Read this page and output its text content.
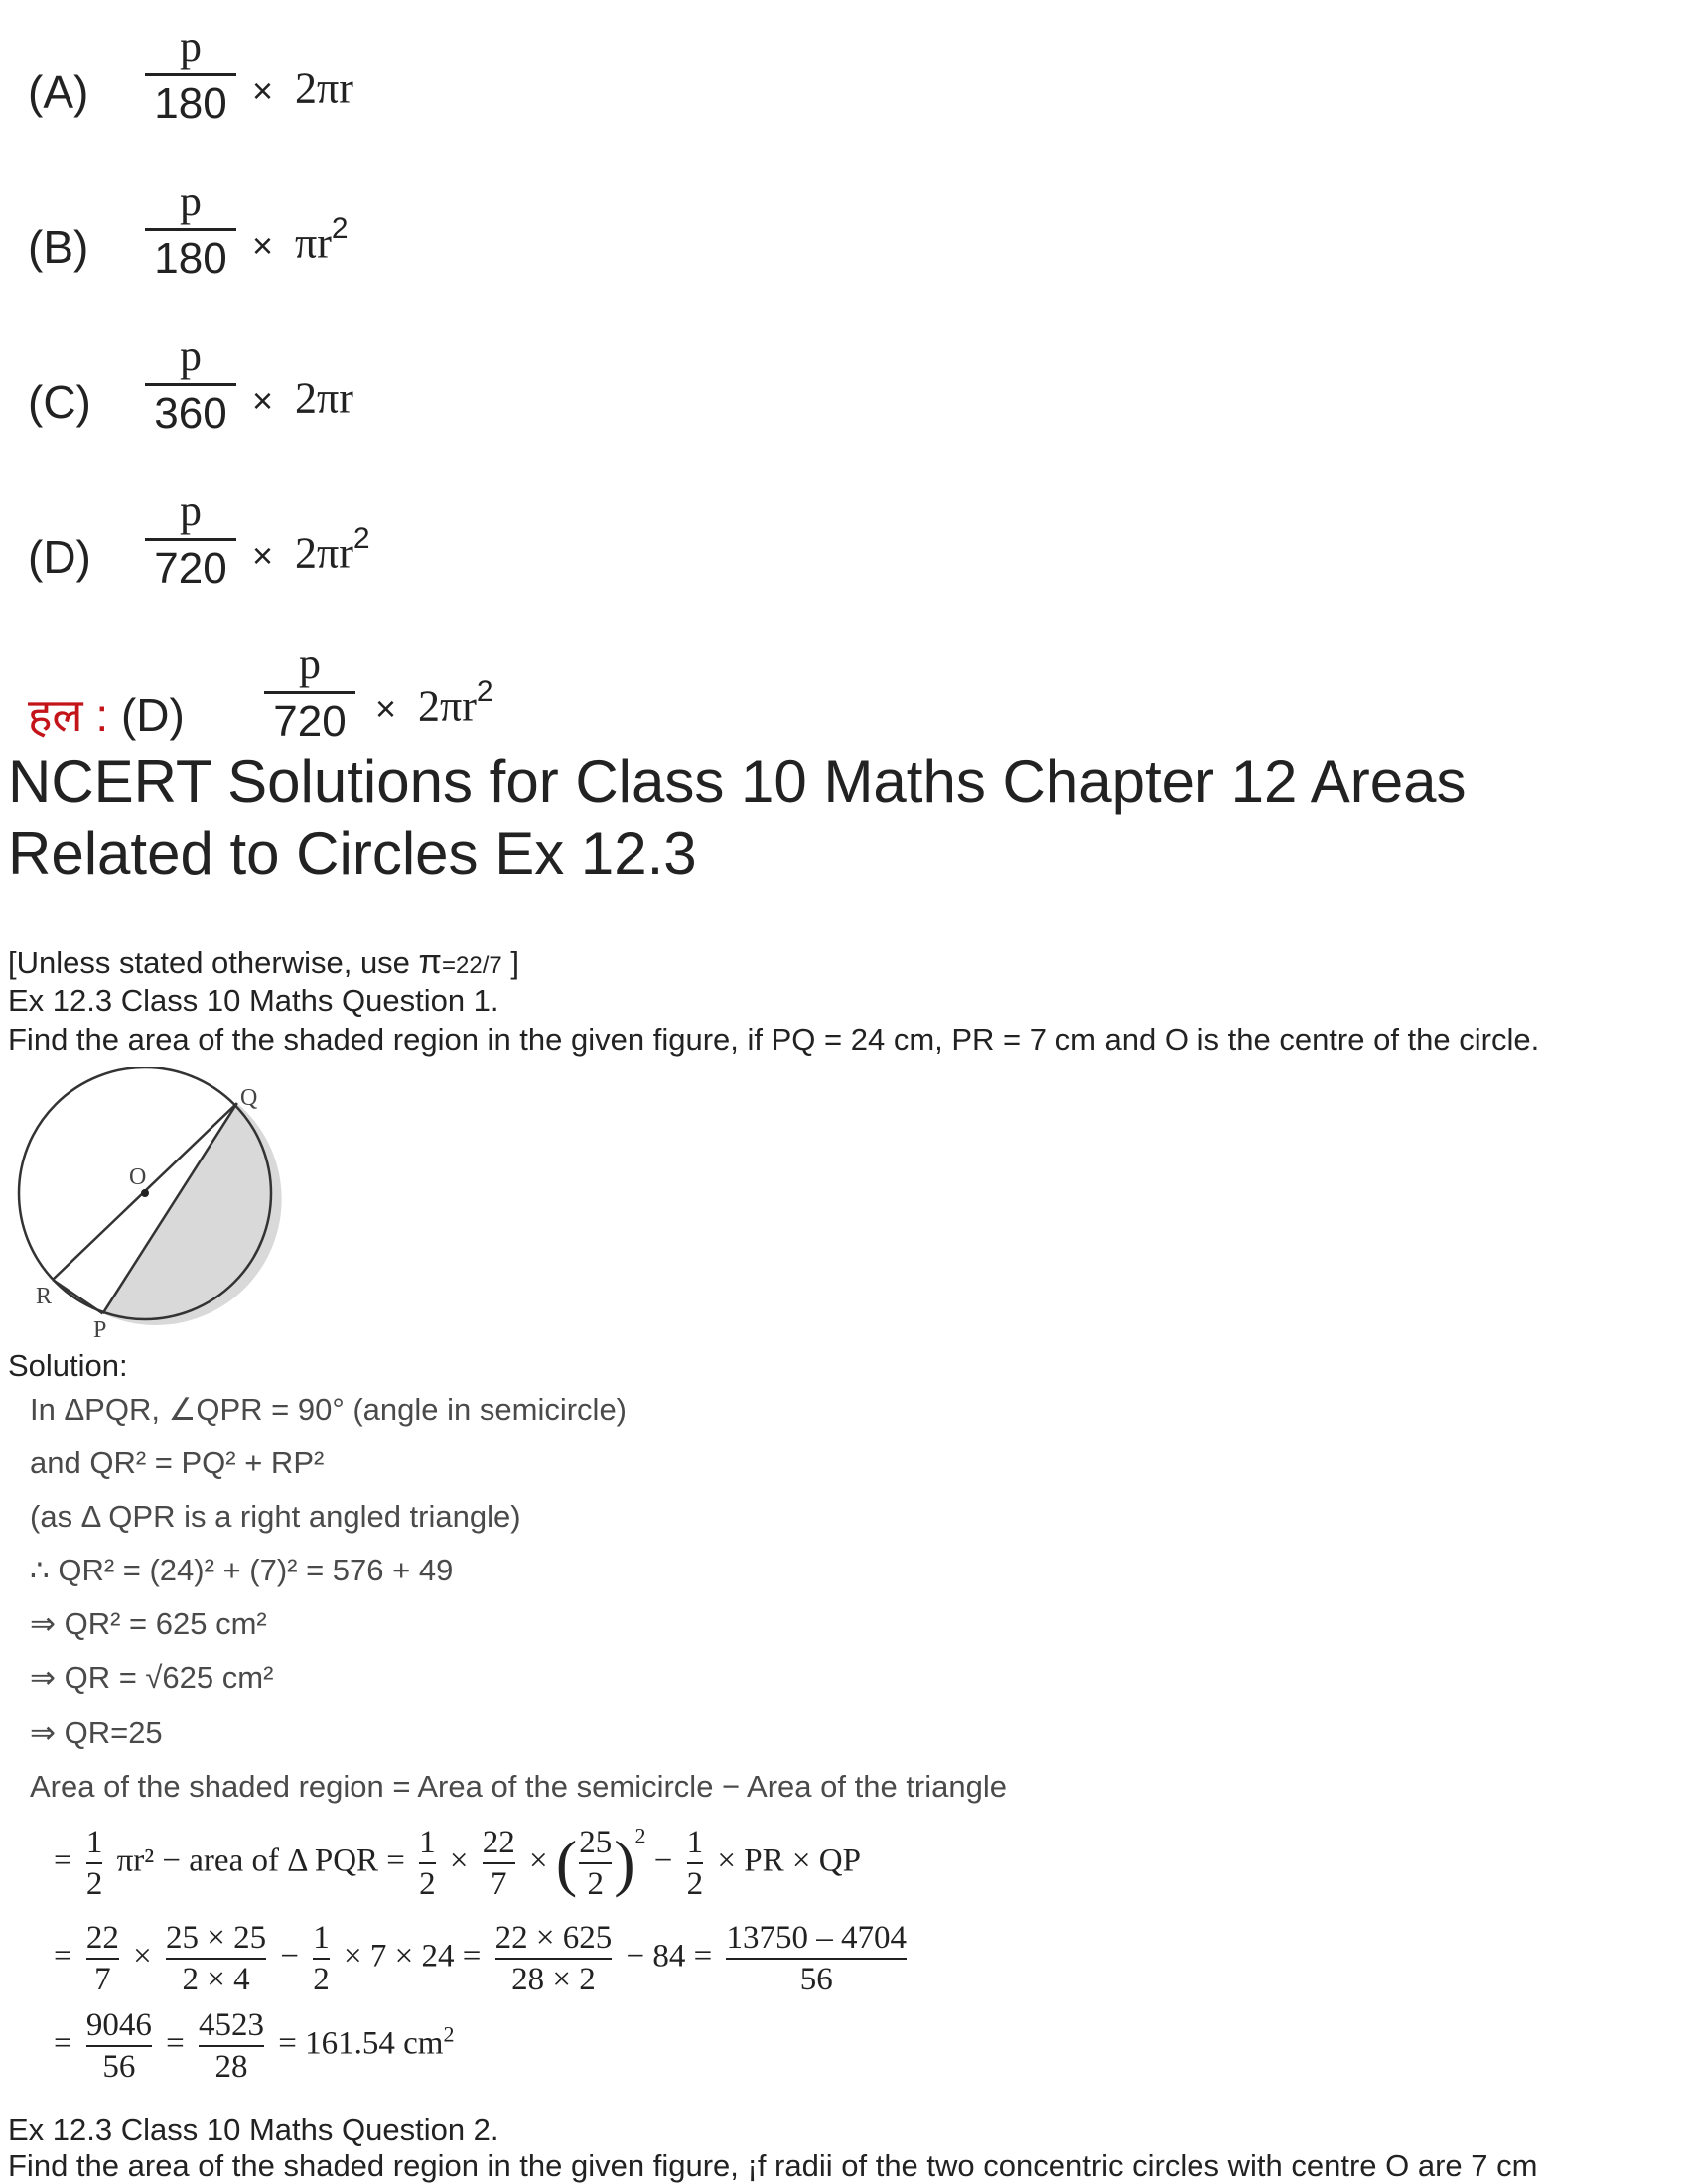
(A)
p
180 × 2πr
(B)
p
$180 \times \pi r^2$
(C)
p
360 × 2πr
(D)
p
$720 \times 2\pi r^2$
हल : (D)
p
$720 \times 2\pi r^2$
NCERT Solutions for Class 10 Maths Chapter 12 Areas Related to Circles Ex 12.3
[Unless stated otherwise, use π=22/7 ]
Ex 12.3 Class 10 Maths Question 1.
Find the area of the shaded region in the given figure, if PQ = 24 cm, PR = 7 cm and O is the centre of the circle.
Q
O
R
P
Solution:
In ΔPQR, ∠QPR = 90° (angle in semicircle)
and QR² = PQ² + RP²
(as Δ QPR is a right angled triangle)
∴ QR² = (24)² + (7)² = 576 + 49
⇒ QR² = 625 cm²
⇒ QR = √625 cm²
⇒ QR=25
Area of the shaded region = Area of the semicircle − Area of the triangle
= $\frac{1}{2} \pi r^2$ − area of Δ PQR = $\frac{1}{2} \times \frac{22}{7}$ × ( $\frac{25}{2} )^2 - \frac{1}{2}$ × PR × QP
= $\frac{22}{7} \times \frac{25 \times 25}{2 \times 4} - \frac{1}{2} \times 7 \times 24 = \frac{22 \times 625}{28 \times 2} - 84 = \frac{13750 - 4704}{56}$
= $\frac{9046}{56} = \frac{4523}{28} = 161.54$ $cm^2$
Ex 12.3 Class 10 Maths Question 2.
Find the area of the shaded region in the given figure, ¡f radii of the two concentric circles with centre O are 7 cm
